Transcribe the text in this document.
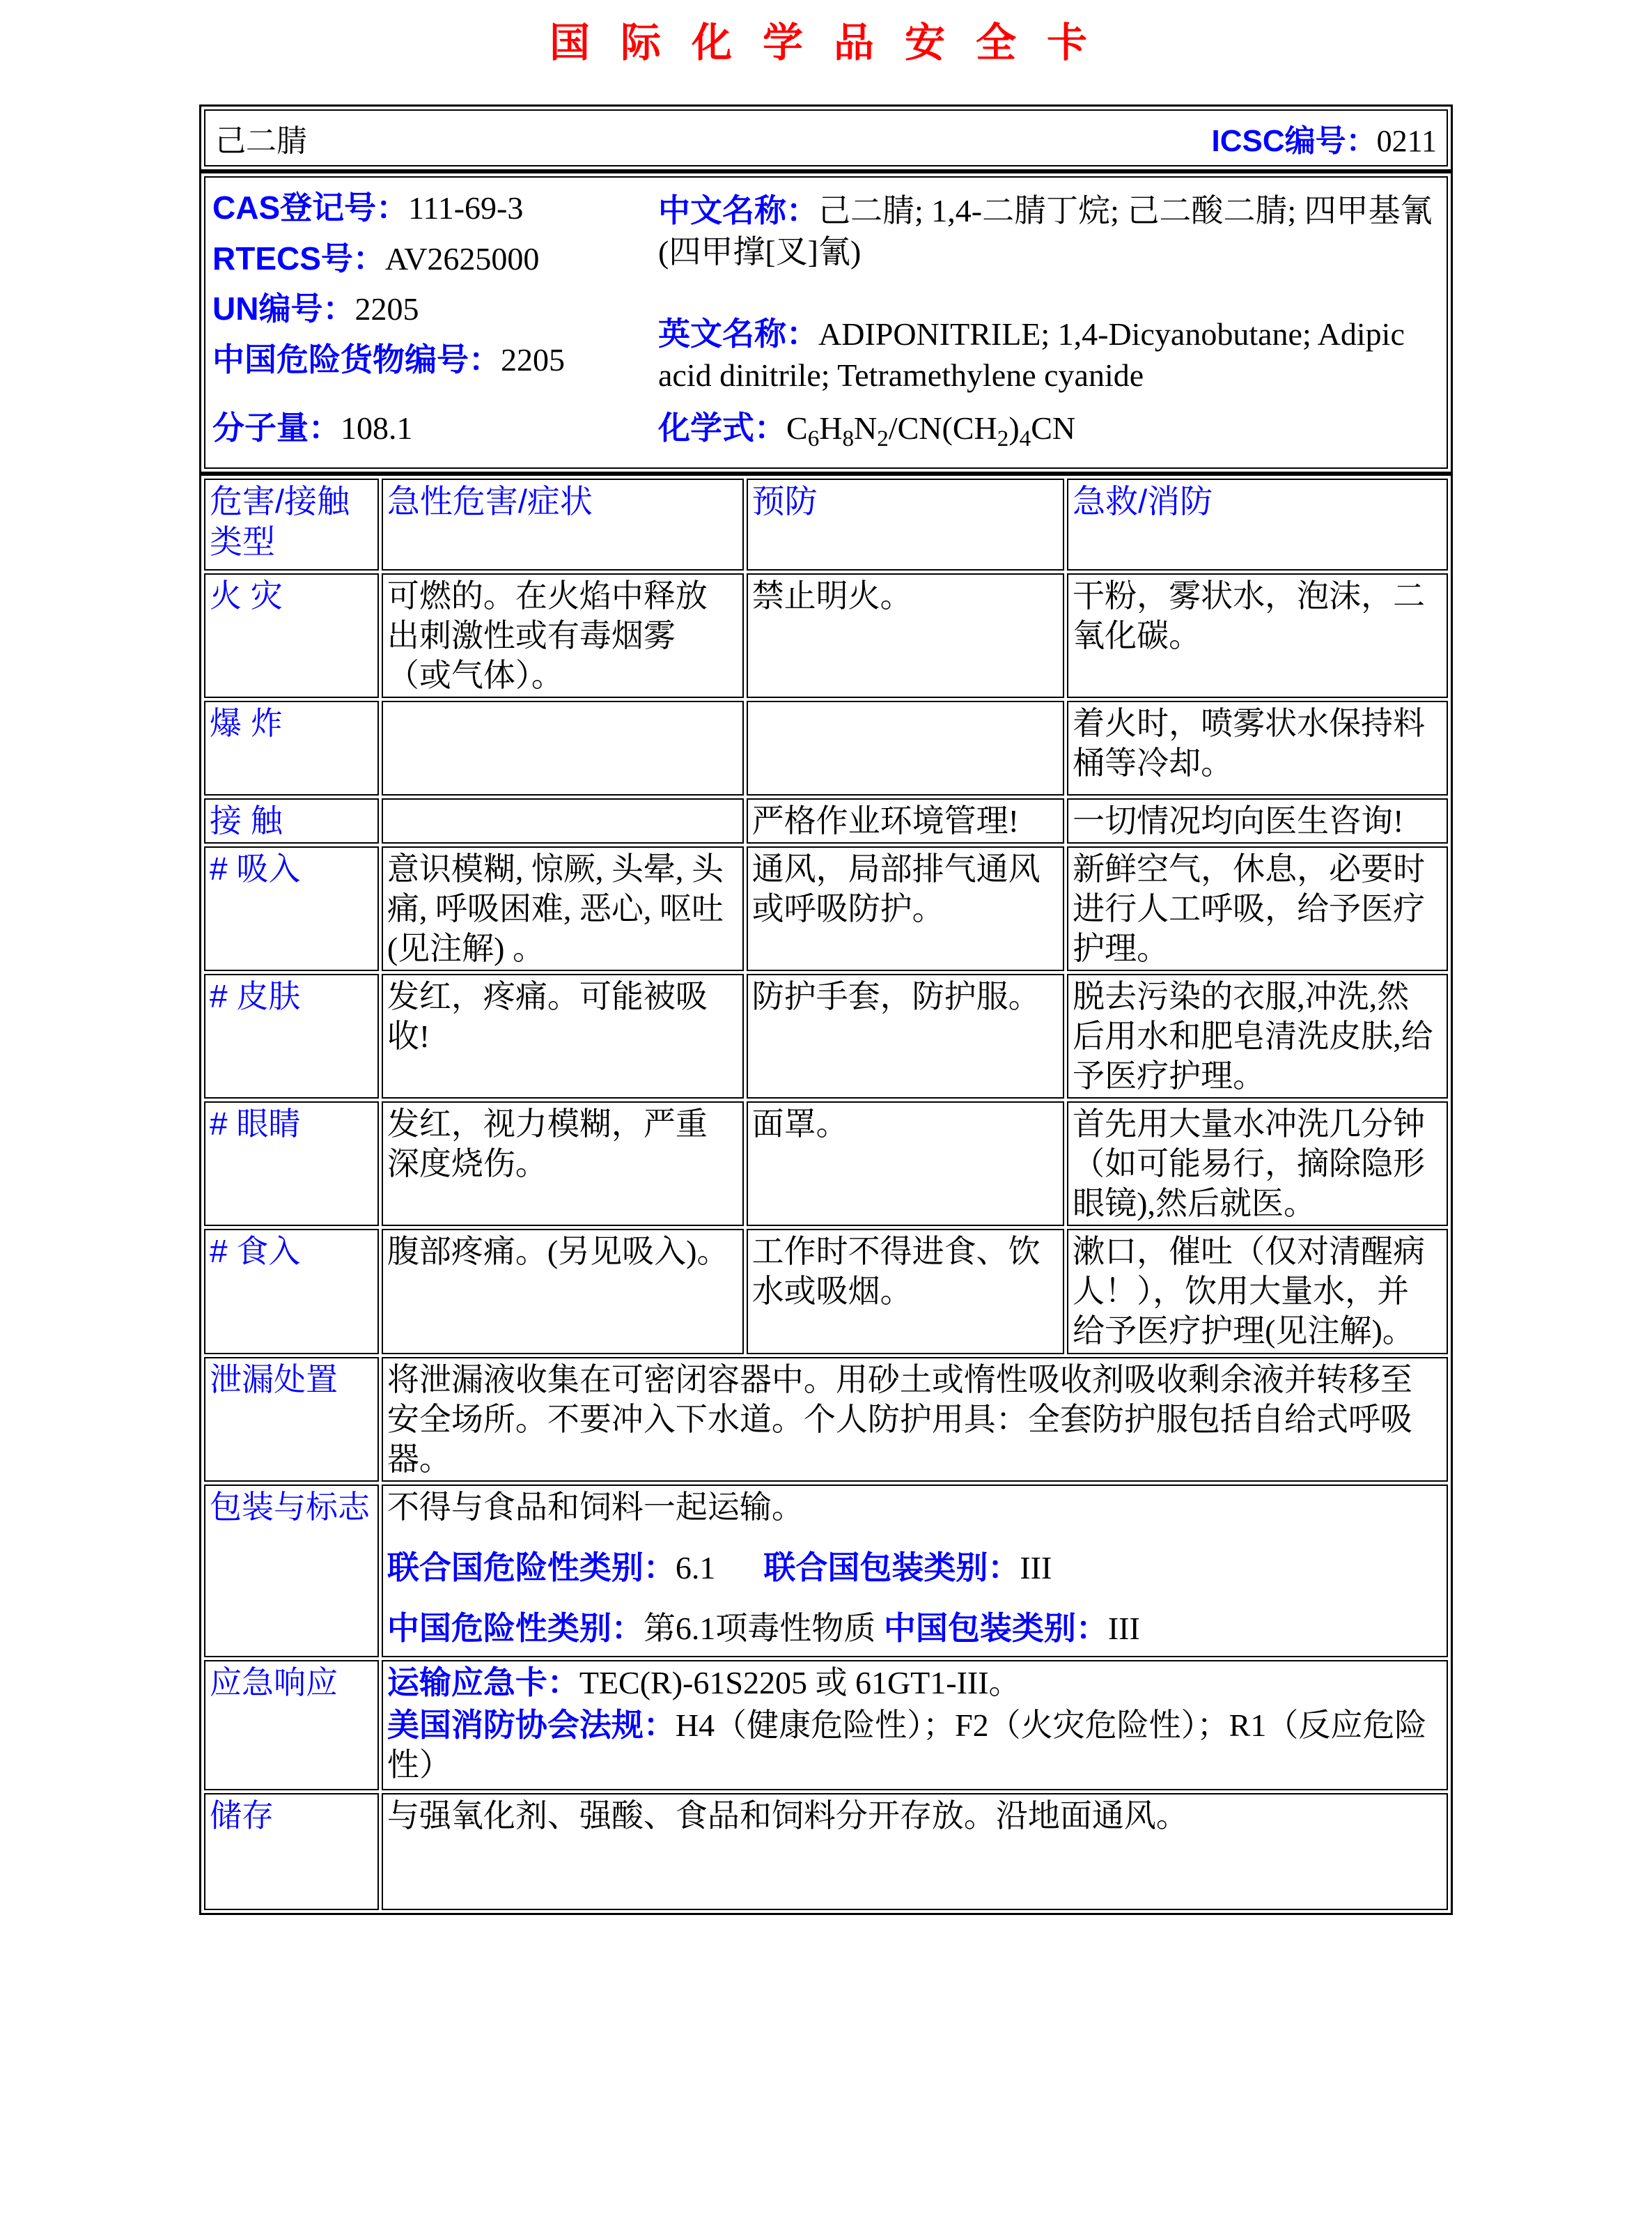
国际化学品安全卡
己二腈	ICSC编号：0211
CAS登记号：111-69-3
RTECS号：AV2625000
UN编号：2205
中国危险货物编号：2205
中文名称：己二腈; 1,4-二腈丁烷; 己二酸二腈; 四甲基氰(四甲撑[叉]氰)
英文名称：ADIPONITRILE; 1,4-Dicyanobutane; Adipic acid dinitrile; Tetramethylene cyanide
分子量：108.1	化学式：$C_6H_8N_2/CN(CH_2)_4CN$
危害/接触类型	急性危害/症状	预防	急救/消防
火 灾	可燃的。在火焰中释放出刺激性或有毒烟雾（或气体）。	禁止明火。	干粉，雾状水，泡沫，二氧化碳。
爆 炸			着火时，喷雾状水保持料桶等冷却。
接 触		严格作业环境管理!	一切情况均向医生咨询!
# 吸入	意识模糊, 惊厥, 头晕, 头痛, 呼吸困难, 恶心, 呕吐(见注解) 。	通风，局部排气通风或呼吸防护。	新鲜空气，休息，必要时进行人工呼吸，给予医疗护理。
# 皮肤	发红，疼痛。可能被吸收!	防护手套，防护服。	脱去污染的衣服,冲洗,然后用水和肥皂清洗皮肤,给予医疗护理。
# 眼睛	发红，视力模糊，严重深度烧伤。	面罩。	首先用大量水冲洗几分钟（如可能易行，摘除隐形眼镜),然后就医。
# 食入	腹部疼痛。(另见吸入)。	工作时不得进食、饮水或吸烟。	漱口，催吐（仅对清醒病人！），饮用大量水，并给予医疗护理(见注解)。
泄漏处置	将泄漏液收集在可密闭容器中。用砂土或惰性吸收剂吸收剩余液并转移至安全场所。不要冲入下水道。个人防护用具：全套防护服包括自给式呼吸器。		
包装与标志	不得与食品和饲料一起运输。
联合国危险性类别：6.1      联合国包装类别：III
中国危险性类别：第6.1项毒性物质 中国包装类别：III		

应急响应	运输应急卡：TEC(R)-61S2205 或 61GT1-III。
美国消防协会法规：H4（健康危险性）；F2（火灾危险性）；R1（反应危险性）		

储存	与强氧化剂、强酸、食品和饲料分开存放。沿地面通风。		
